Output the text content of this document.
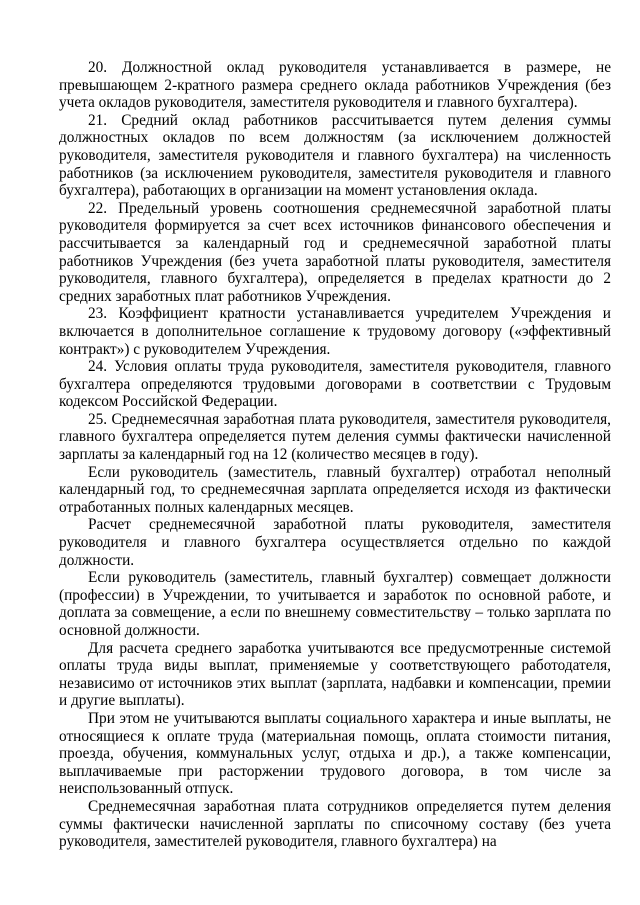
20. Должностной оклад руководителя устанавливается в размере, не превышающем 2-кратного размера среднего оклада работников Учреждения (без учета окладов руководителя, заместителя руководителя и главного бухгалтера).

21. Средний оклад работников рассчитывается путем деления суммы должностных окладов по всем должностям (за исключением должностей руководителя, заместителя руководителя и главного бухгалтера) на численность работников (за исключением руководителя, заместителя руководителя и главного бухгалтера), работающих в организации на момент установления оклада.

22. Предельный уровень соотношения среднемесячной заработной платы руководителя формируется за счет всех источников финансового обеспечения и рассчитывается за календарный год и среднемесячной заработной платы работников Учреждения (без учета заработной платы руководителя, заместителя руководителя, главного бухгалтера), определяется в пределах кратности до 2 средних заработных плат работников Учреждения.

23. Коэффициент кратности устанавливается учредителем Учреждения и включается в дополнительное соглашение к трудовому договору («эффективный контракт») с руководителем Учреждения.

24. Условия оплаты труда руководителя, заместителя руководителя, главного бухгалтера определяются трудовыми договорами в соответствии с Трудовым кодексом Российской Федерации.

25. Среднемесячная заработная плата руководителя, заместителя руководителя, главного бухгалтера определяется путем деления суммы фактически начисленной зарплаты за календарный год на 12 (количество месяцев в году).

Если руководитель (заместитель, главный бухгалтер) отработал неполный календарный год, то среднемесячная зарплата определяется исходя из фактически отработанных полных календарных месяцев.

Расчет среднемесячной заработной платы руководителя, заместителя руководителя и главного бухгалтера осуществляется отдельно по каждой должности.

Если руководитель (заместитель, главный бухгалтер) совмещает должности (профессии) в Учреждении, то учитывается и заработок по основной работе, и доплата за совмещение, а если по внешнему совместительству – только зарплата по основной должности.

Для расчета среднего заработка учитываются все предусмотренные системой оплаты труда виды выплат, применяемые у соответствующего работодателя, независимо от источников этих выплат (зарплата, надбавки и компенсации, премии и другие выплаты).

При этом не учитываются выплаты социального характера и иные выплаты, не относящиеся к оплате труда (материальная помощь, оплата стоимости питания, проезда, обучения, коммунальных услуг, отдыха и др.), а также компенсации, выплачиваемые при расторжении трудового договора, в том числе за неиспользованный отпуск.

Среднемесячная заработная плата сотрудников определяется путем деления суммы фактически начисленной зарплаты по списочному составу (без учета руководителя, заместителей руководителя, главного бухгалтера) на
